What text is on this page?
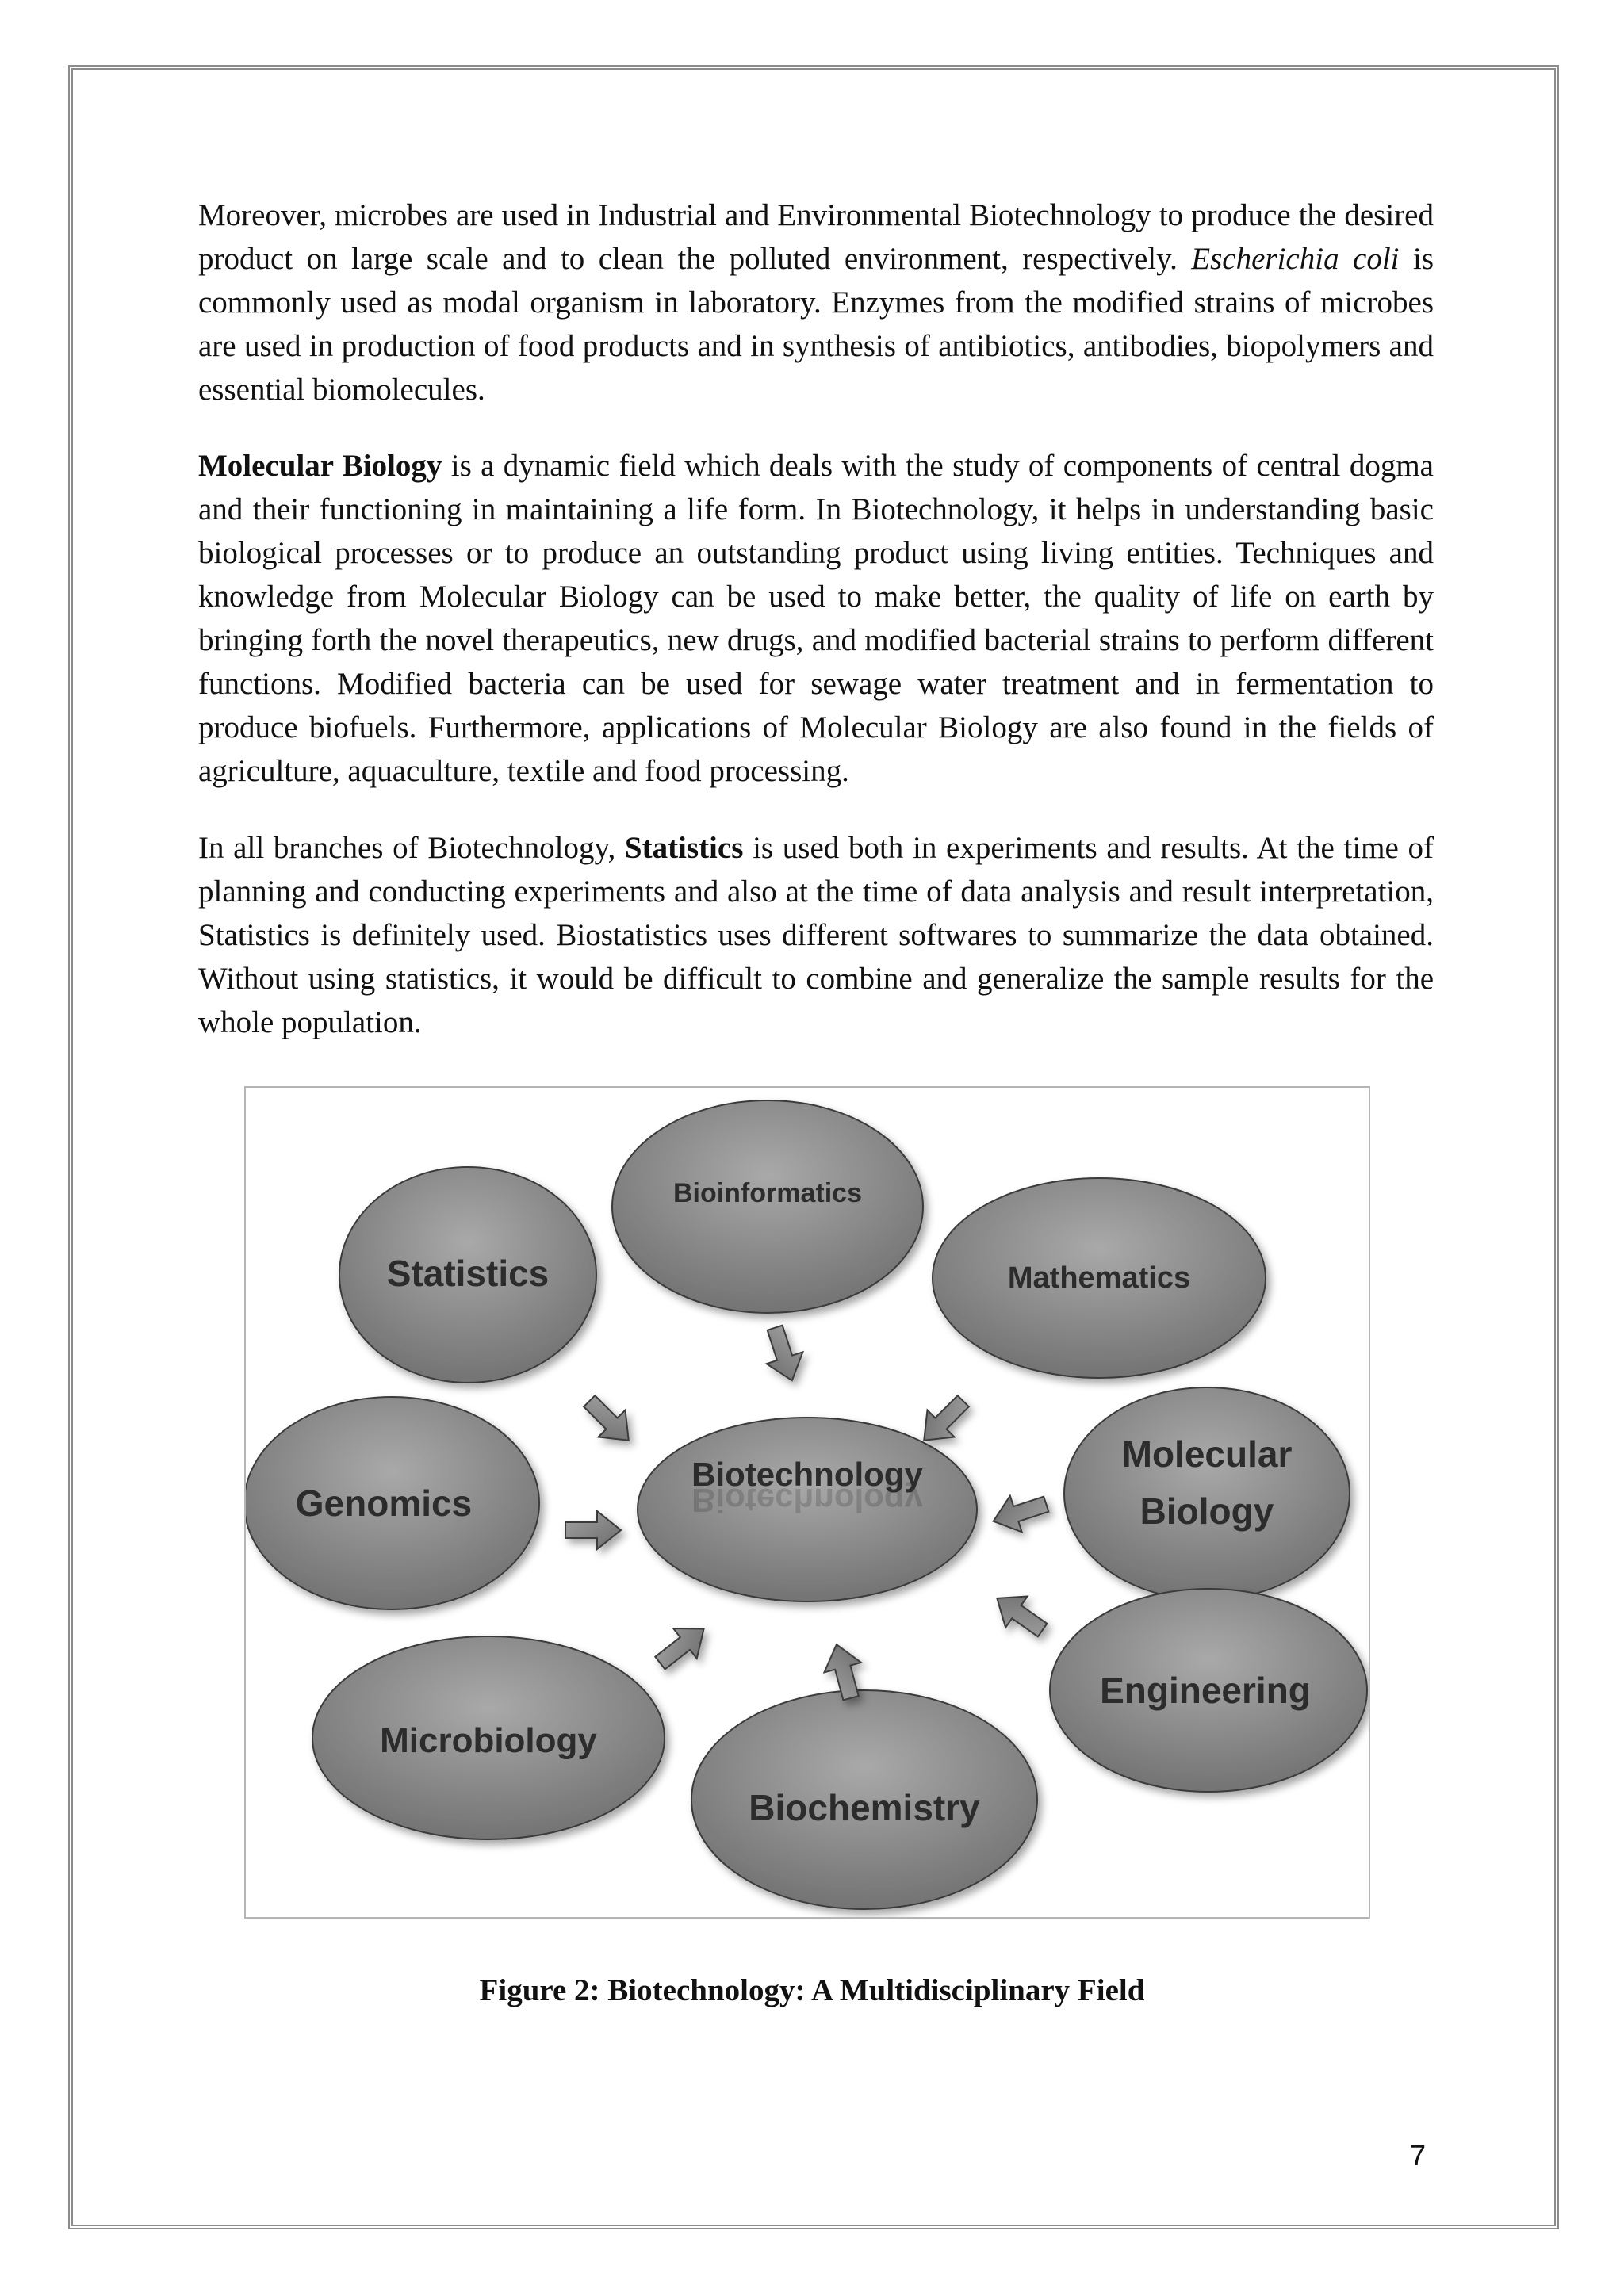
Moreover, microbes are used in Industrial and Environmental Biotechnology to produce the desired product on large scale and to clean the polluted environment, respectively. Escherichia coli is commonly used as modal organism in laboratory. Enzymes from the modified strains of microbes are used in production of food products and in synthesis of antibiotics, antibodies, biopolymers and essential biomolecules.

Molecular Biology is a dynamic field which deals with the study of components of central dogma and their functioning in maintaining a life form. In Biotechnology, it helps in understanding basic biological processes or to produce an outstanding product using living entities. Techniques and knowledge from Molecular Biology can be used to make better, the quality of life on earth by bringing forth the novel therapeutics, new drugs, and modified bacterial strains to perform different functions. Modified bacteria can be used for sewage water treatment and in fermentation to produce biofuels. Furthermore, applications of Molecular Biology are also found in the fields of agriculture, aquaculture, textile and food processing.

In all branches of Biotechnology, Statistics is used both in experiments and results. At the time of planning and conducting experiments and also at the time of data analysis and result interpretation, Statistics is definitely used. Biostatistics uses different softwares to summarize the data obtained. Without using statistics, it would be difficult to combine and generalize the sample results for the whole population.

Bioinformatics
Statistics	Mathematics
Genomics
Biotechnology
Biotechnology
Molecular
Biology
Engineering
Microbiology
Biochemistry
Figure 2: Biotechnology: A Multidisciplinary Field
7
